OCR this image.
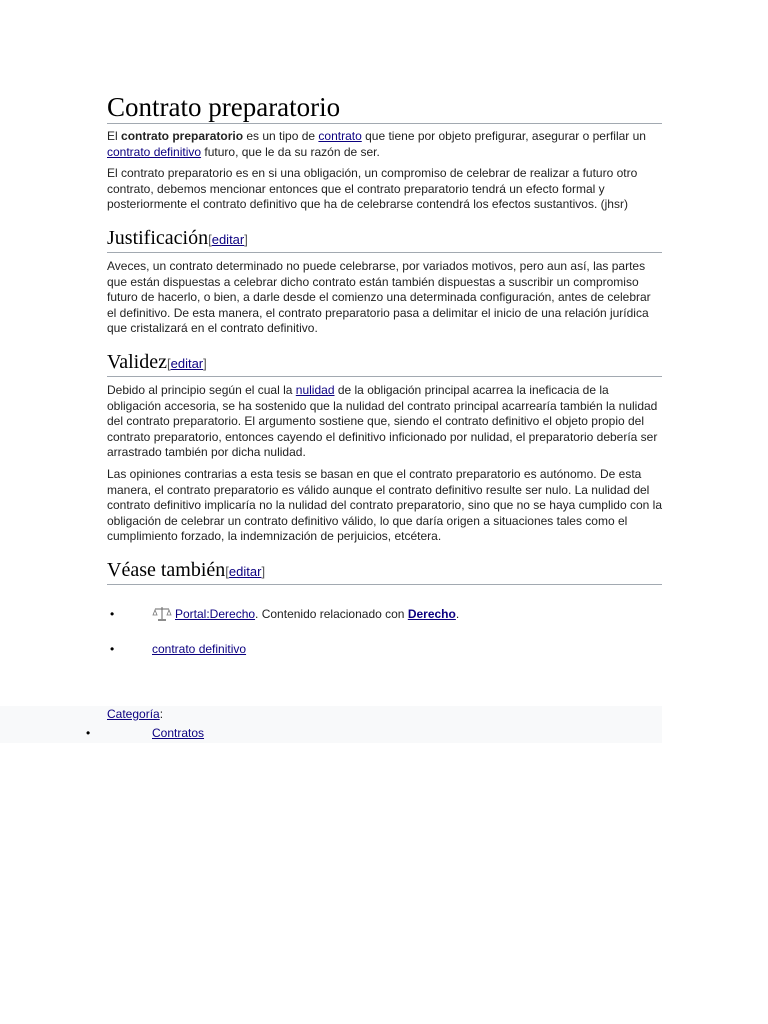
Contrato preparatorio

El contrato preparatorio es un tipo de contrato que tiene por objeto prefigurar, asegurar o perfilar un contrato definitivo futuro, que le da su razón de ser.

El contrato preparatorio es en si una obligación, un compromiso de celebrar de realizar a futuro otro contrato, debemos mencionar entonces que el contrato preparatorio tendrá un efecto formal y posteriormente el contrato definitivo que ha de celebrarse contendrá los efectos sustantivos. (jhsr)

Justificación[editar]

Aveces, un contrato determinado no puede celebrarse, por variados motivos, pero aun así, las partes que están dispuestas a celebrar dicho contrato están también dispuestas a suscribir un compromiso futuro de hacerlo, o bien, a darle desde el comienzo una determinada configuración, antes de celebrar el definitivo. De esta manera, el contrato preparatorio pasa a delimitar el inicio de una relación jurídica que cristalizará en el contrato definitivo.

Validez[editar]

Debido al principio según el cual la nulidad de la obligación principal acarrea la ineficacia de la obligación accesoria, se ha sostenido que la nulidad del contrato principal acarrearía también la nulidad del contrato preparatorio. El argumento sostiene que, siendo el contrato definitivo el objeto propio del contrato preparatorio, entonces cayendo el definitivo inficionado por nulidad, el preparatorio debería ser arrastrado también por dicha nulidad.

Las opiniones contrarias a esta tesis se basan en que el contrato preparatorio es autónomo. De esta manera, el contrato preparatorio es válido aunque el contrato definitivo resulte ser nulo. La nulidad del contrato definitivo implicaría no la nulidad del contrato preparatorio, sino que no se haya cumplido con la obligación de celebrar un contrato definitivo válido, lo que daría origen a situaciones tales como el cumplimiento forzado, la indemnización de perjuicios, etcétera.

Véase también[editar]
•	Portal:Derecho. Contenido relacionado con Derecho.
•	contrato definitivo
Categoría:
•	Contratos
